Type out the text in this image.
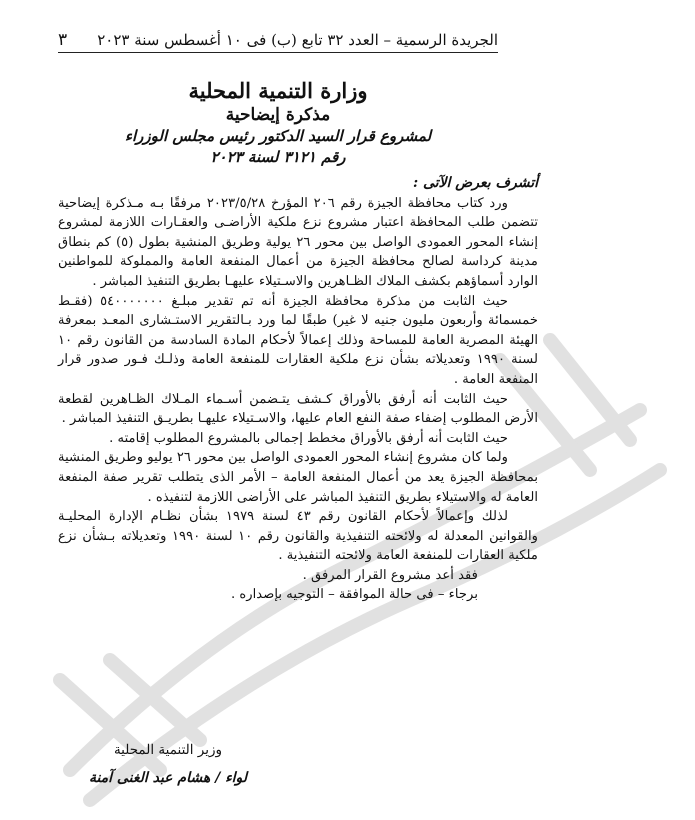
الجريدة الرسمية – العدد ٣٢ تابع (ب) فى ١٠ أغسطس سنة ٢٠٢٣
٣

وزارة التنمية المحلية

مذكرة إيضاحية

لمشروع قرار السيد الدكتور رئيس مجلس الوزراء

رقم ٣١٢١ لسنة ٢٠٢٣

أتشرف بعرض الآتى :

ورد كتاب محافظة الجيزة رقم ٢٠٦ المؤرخ ٢٠٢٣/٥/٢٨ مرفقًا بـه مـذكرة إيضاحية تتضمن طلب المحافظة اعتبار مشروع نزع ملكية الأراضـى والعقـارات اللازمة لمشروع إنشاء المحور العمودى الواصل بين محور ٢٦ يولية وطريق المنشية بطول (٥) كم بنطاق مدينة كرداسة لصالح محافظة الجيزة من أعمال المنفعة العامة والمملوكة للمواطنين الوارد أسماؤهم بكشف الملاك الظـاهرين والاسـتيلاء عليهـا بطريق التنفيذ المباشر .

حيث الثابت من مذكرة محافظة الجيزة أنه تم تقدير مبلـغ ٥٤٠٠٠٠٠٠٠ (فقـط خمسمائة وأربعون مليون جنيه لا غير) طبقًا لما ورد بـالتقرير الاستـشارى المعـد بمعرفة الهيئة المصرية العامة للمساحة وذلك إعمالاً لأحكام المادة السادسة من القانون رقم ١٠ لسنة ١٩٩٠ وتعديلاته بشأن نزع ملكية العقارات للمنفعة العامة وذلـك فـور صدور قرار المنفعة العامة .

حيث الثابت أنه أرفق بالأوراق كـشف يتـضمن أسـماء المـلاك الظـاهرين لقطعة الأرض المطلوب إضفاء صفة النفع العام عليها، والاسـتيلاء عليهـا بطريـق التنفيذ المباشر .

حيث الثابت أنه أرفق بالأوراق مخطط إجمالى بالمشروع المطلوب إقامته .

ولما كان مشروع إنشاء المحور العمودى الواصل بين محور ٢٦ يوليو وطريق المنشية بمحافظة الجيزة يعد من أعمال المنفعة العامة – الأمر الذى يتطلب تقرير صفة المنفعة العامة له والاستيلاء بطريق التنفيذ المباشر على الأراضى اللازمة لتنفيذه .

لذلك وإعمالاً لأحكام القانون رقم ٤٣ لسنة ١٩٧٩ بشأن نظـام الإدارة المحليـة والقوانين المعدلة له ولائحته التنفيذية والقانون رقم ١٠ لسنة ١٩٩٠ وتعديلاته بـشأن نزع ملكية العقارات للمنفعة العامة ولائحته التنفيذية .

فقد أعد مشروع القرار المرفق .

برجاء – فى حالة الموافقة – التوجيه بإصداره .

وزير التنمية المحلية
لواء / هشام عبد الغنى آمنة
